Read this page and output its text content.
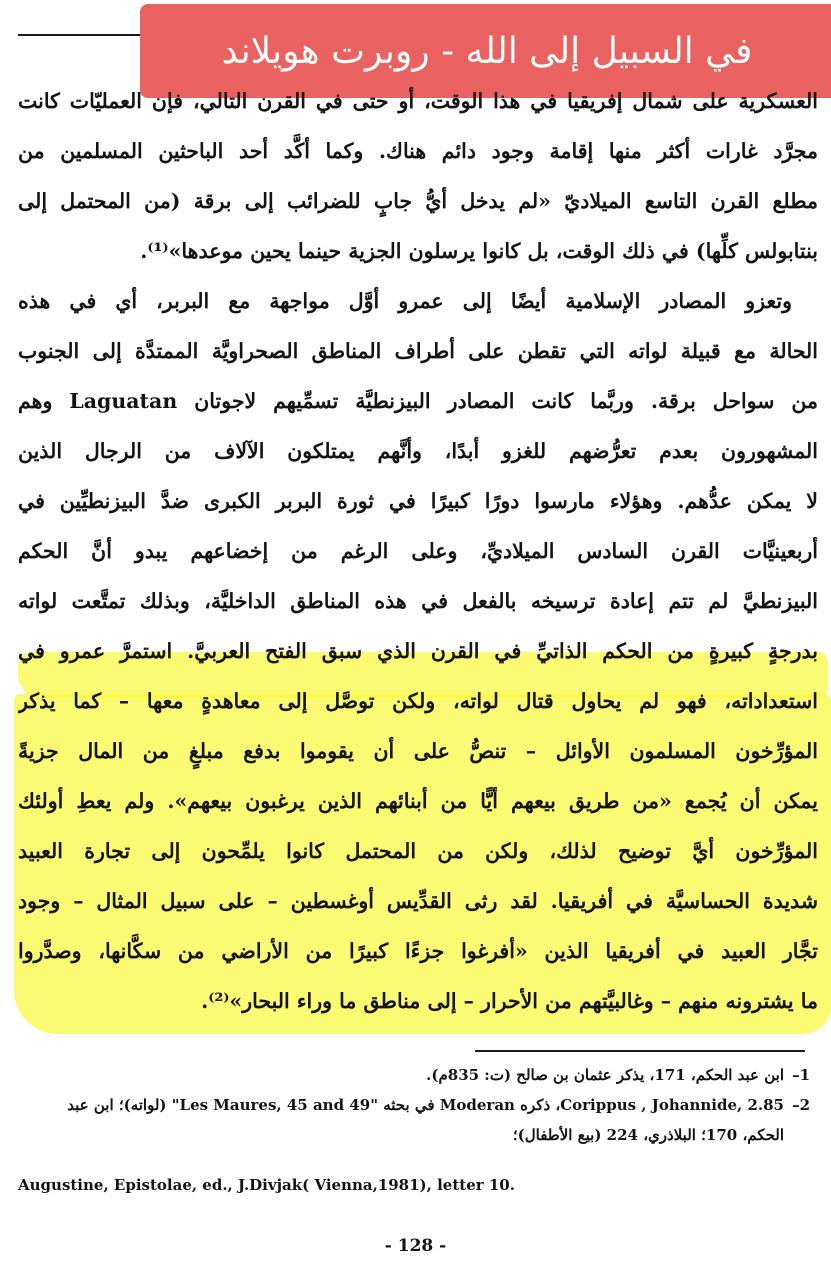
العسكرية على شمال إفريقيا في هذا الوقت، أو حتى في القرن التالي، فإن العمليّات كانت
مجرَّد غارات أكثر منها إقامة وجود دائم هناك. وكما أكَّد أحد الباحثين المسلمين من
مطلع القرن التاسع الميلاديّ «لم يدخل أيُّ جابٍ للضرائب إلى برقة (من المحتمل إلى
بنتابولس كلِّها) في ذلك الوقت، بل كانوا يرسلون الجزية حينما يحين موعدها»⁽¹⁾.
وتعزو المصادر الإسلامية أيضًا إلى عمرو أوَّل مواجهة مع البربر، أي في هذه
الحالة مع قبيلة لواته التي تقطن على أطراف المناطق الصحراويَّة الممتدَّة إلى الجنوب
من سواحل برقة. وربَّما كانت المصادر البيزنطيَّة تسمِّيهم لاجوتان Laguatan وهم
المشهورون بعدم تعرُّضهم للغزو أبدًا، وأنَّهم يمتلكون الآلاف من الرجال الذين
لا يمكن عدُّهم. وهؤلاء مارسوا دورًا كبيرًا في ثورة البربر الكبرى ضدَّ البيزنطيِّين في
أربعينيَّات القرن السادس الميلاديِّ، وعلى الرغم من إخضاعهم يبدو أنَّ الحكم
البيزنطيَّ لم تتم إعادة ترسيخه بالفعل في هذه المناطق الداخليَّة، وبذلك تمتَّعت لواته
بدرجةٍ كبيرةٍ من الحكم الذاتيِّ في القرن الذي سبق الفتح العربيَّ. استمرَّ عمرو في
استعداداته، فهو لم يحاول قتال لواته، ولكن توصَّل إلى معاهدةٍ معها – كما يذكر
المؤرِّخون المسلمون الأوائل – تنصُّ على أن يقوموا بدفع مبلغٍ من المال جزيةً
يمكن أن يُجمع «من طريق بيعهم أيًّا من أبنائهم الذين يرغبون بيعهم». ولم يعطِ أولئك
المؤرِّخون أيَّ توضيح لذلك، ولكن من المحتمل كانوا يلمِّحون إلى تجارة العبيد
شديدة الحساسيَّة في أفريقيا. لقد رثى القدِّيس أوغسطين – على سبيل المثال – وجود
تجَّار العبيد في أفريقيا الذين «أفرغوا جزءًا كبيرًا من الأراضي من سكَّانها، وصدَّروا
ما يشترونه منهم – وغالبيَّتهم من الأحرار – إلى مناطق ما وراء البحار»⁽²⁾.
في السبيل إلى الله - روبرت هويلاند
1–ابن عبد الحكم، 171، يذكر عثمان بن صالح (ت: 835م).
2–Corippus , Johannide, 2.85، ذكره Moderan في بحثه "Les Maures, 45 and 49" (لواته)؛ ابن عبد
الحكم، 170؛ البلاذري، 224 (بيع الأطفال)؛
Augustine, Epistolae, ed., J.Divjak( Vienna,1981), letter 10.
- 128 -
